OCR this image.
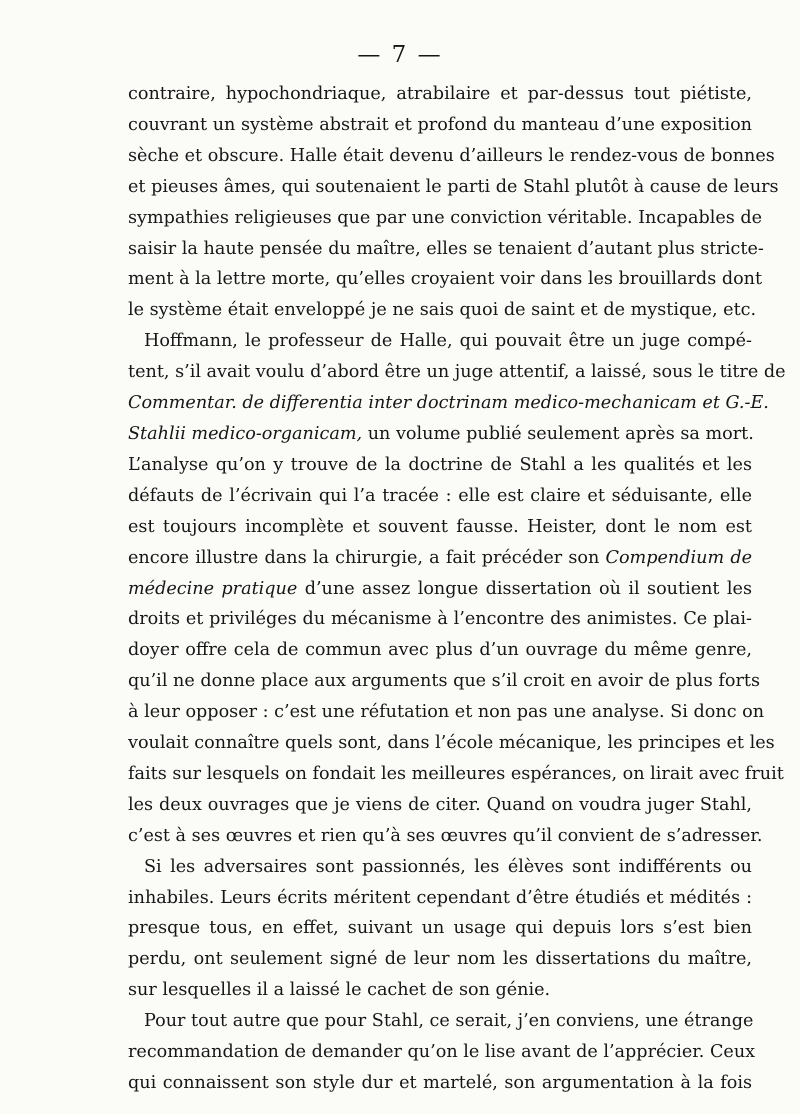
— 7 —
contraire, hypochondriaque, atrabilaire et par-dessus tout piétiste,
couvrant un système abstrait et profond du manteau d’une exposition
sèche et obscure. Halle était devenu d’ailleurs le rendez-vous de bonnes
et pieuses âmes, qui soutenaient le parti de Stahl plutôt à cause de leurs
sympathies religieuses que par une conviction véritable. Incapables de
saisir la haute pensée du maître, elles se tenaient d’autant plus stricte-
ment à la lettre morte, qu’elles croyaient voir dans les brouillards dont
le système était enveloppé je ne sais quoi de saint et de mystique, etc.
Hoffmann, le professeur de Halle, qui pouvait être un juge compé-
tent, s’il avait voulu d’abord être un juge attentif, a laissé, sous le titre de
Commentar. de differentia inter doctrinam medico-mechanicam et G.-E.
Stahlii medico-organicam, un volume publié seulement après sa mort.
L’analyse qu’on y trouve de la doctrine de Stahl a les qualités et les
défauts de l’écrivain qui l’a tracée : elle est claire et séduisante, elle
est toujours incomplète et souvent fausse. Heister, dont le nom est
encore illustre dans la chirurgie, a fait précéder son Compendium de
médecine pratique d’une assez longue dissertation où il soutient les
droits et priviléges du mécanisme à l’encontre des animistes. Ce plai-
doyer offre cela de commun avec plus d’un ouvrage du même genre,
qu’il ne donne place aux arguments que s’il croit en avoir de plus forts
à leur opposer : c’est une réfutation et non pas une analyse. Si donc on
voulait connaître quels sont, dans l’école mécanique, les principes et les
faits sur lesquels on fondait les meilleures espérances, on lirait avec fruit
les deux ouvrages que je viens de citer. Quand on voudra juger Stahl,
c’est à ses œuvres et rien qu’à ses œuvres qu’il convient de s’adresser.
Si les adversaires sont passionnés, les élèves sont indifférents ou
inhabiles. Leurs écrits méritent cependant d’être étudiés et médités :
presque tous, en effet, suivant un usage qui depuis lors s’est bien
perdu, ont seulement signé de leur nom les dissertations du maître,
sur lesquelles il a laissé le cachet de son génie.
Pour tout autre que pour Stahl, ce serait, j’en conviens, une étrange
recommandation de demander qu’on le lise avant de l’apprécier. Ceux
qui connaissent son style dur et martelé, son argumentation à la fois
